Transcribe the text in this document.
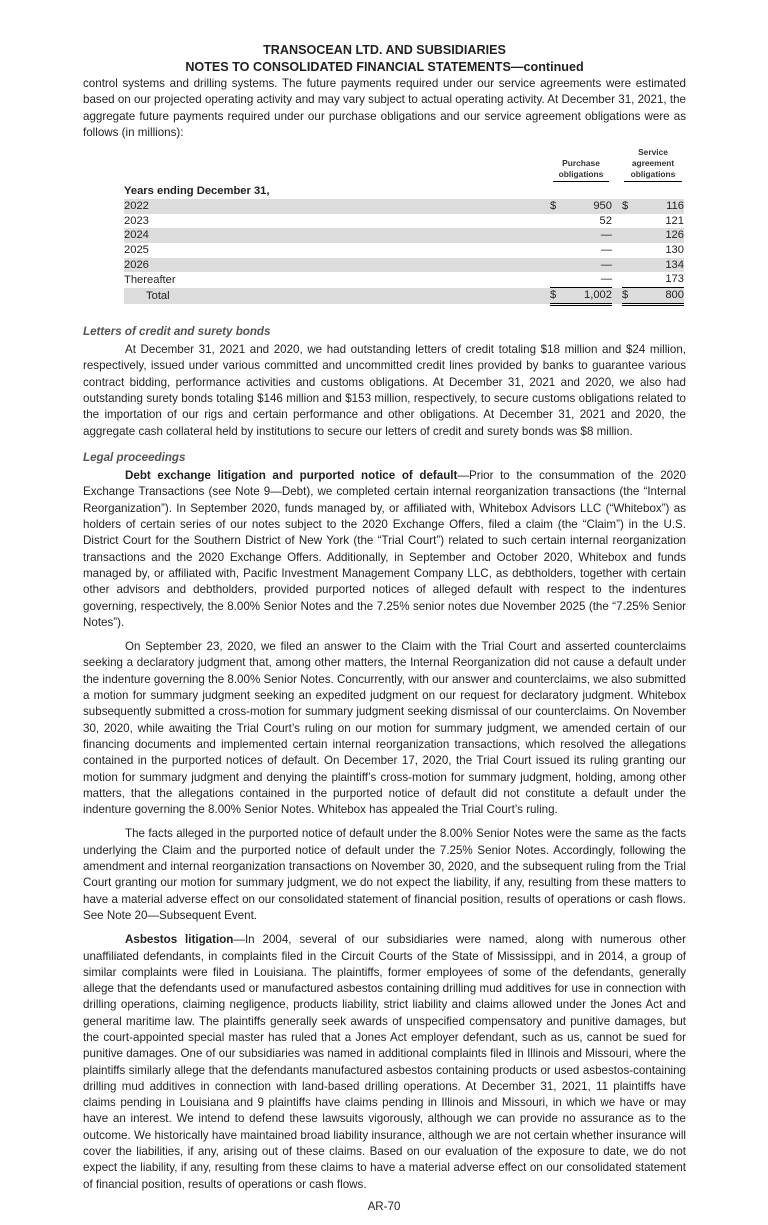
TRANSOCEAN LTD. AND SUBSIDIARIES
NOTES TO CONSOLIDATED FINANCIAL STATEMENTS—continued

control systems and drilling systems. The future payments required under our service agreements were estimated based on our projected operating activity and may vary subject to actual operating activity. At December 31, 2021, the aggregate future payments required under our purchase obligations and our service agreement obligations were as follows (in millions):

	Purchase obligations			Service agreement obligations	
Years ending December 31,					
2022	$	950		$	116
2023		52			121
2024		—			126
2025		—			130
2026		—			134
Thereafter		—			173
Total	$	1,002		$	800
Letters of credit and surety bonds

At December 31, 2021 and 2020, we had outstanding letters of credit totaling $18 million and $24 million, respectively, issued under various committed and uncommitted credit lines provided by banks to guarantee various contract bidding, performance activities and customs obligations. At December 31, 2021 and 2020, we also had outstanding surety bonds totaling $146 million and $153 million, respectively, to secure customs obligations related to the importation of our rigs and certain performance and other obligations. At December 31, 2021 and 2020, the aggregate cash collateral held by institutions to secure our letters of credit and surety bonds was $8 million.

Legal proceedings

Debt exchange litigation and purported notice of default—Prior to the consummation of the 2020 Exchange Transactions (see Note 9—Debt), we completed certain internal reorganization transactions (the “Internal Reorganization”). In September 2020, funds managed by, or affiliated with, Whitebox Advisors LLC (“Whitebox”) as holders of certain series of our notes subject to the 2020 Exchange Offers, filed a claim (the “Claim”) in the U.S. District Court for the Southern District of New York (the “Trial Court”) related to such certain internal reorganization transactions and the 2020 Exchange Offers. Additionally, in September and October 2020, Whitebox and funds managed by, or affiliated with, Pacific Investment Management Company LLC, as debtholders, together with certain other advisors and debtholders, provided purported notices of alleged default with respect to the indentures governing, respectively, the 8.00% Senior Notes and the 7.25% senior notes due November 2025 (the “7.25% Senior Notes”).

On September 23, 2020, we filed an answer to the Claim with the Trial Court and asserted counterclaims seeking a declaratory judgment that, among other matters, the Internal Reorganization did not cause a default under the indenture governing the 8.00% Senior Notes. Concurrently, with our answer and counterclaims, we also submitted a motion for summary judgment seeking an expedited judgment on our request for declaratory judgment. Whitebox subsequently submitted a cross-motion for summary judgment seeking dismissal of our counterclaims. On November 30, 2020, while awaiting the Trial Court’s ruling on our motion for summary judgment, we amended certain of our financing documents and implemented certain internal reorganization transactions, which resolved the allegations contained in the purported notices of default. On December 17, 2020, the Trial Court issued its ruling granting our motion for summary judgment and denying the plaintiff’s cross-motion for summary judgment, holding, among other matters, that the allegations contained in the purported notice of default did not constitute a default under the indenture governing the 8.00% Senior Notes. Whitebox has appealed the Trial Court’s ruling.

The facts alleged in the purported notice of default under the 8.00% Senior Notes were the same as the facts underlying the Claim and the purported notice of default under the 7.25% Senior Notes. Accordingly, following the amendment and internal reorganization transactions on November 30, 2020, and the subsequent ruling from the Trial Court granting our motion for summary judgment, we do not expect the liability, if any, resulting from these matters to have a material adverse effect on our consolidated statement of financial position, results of operations or cash flows. See Note 20—Subsequent Event.

Asbestos litigation—In 2004, several of our subsidiaries were named, along with numerous other unaffiliated defendants, in complaints filed in the Circuit Courts of the State of Mississippi, and in 2014, a group of similar complaints were filed in Louisiana. The plaintiffs, former employees of some of the defendants, generally allege that the defendants used or manufactured asbestos containing drilling mud additives for use in connection with drilling operations, claiming negligence, products liability, strict liability and claims allowed under the Jones Act and general maritime law. The plaintiffs generally seek awards of unspecified compensatory and punitive damages, but the court-appointed special master has ruled that a Jones Act employer defendant, such as us, cannot be sued for punitive damages. One of our subsidiaries was named in additional complaints filed in Illinois and Missouri, where the plaintiffs similarly allege that the defendants manufactured asbestos containing products or used asbestos-containing drilling mud additives in connection with land-based drilling operations. At December 31, 2021, 11 plaintiffs have claims pending in Louisiana and 9 plaintiffs have claims pending in Illinois and Missouri, in which we have or may have an interest. We intend to defend these lawsuits vigorously, although we can provide no assurance as to the outcome. We historically have maintained broad liability insurance, although we are not certain whether insurance will cover the liabilities, if any, arising out of these claims. Based on our evaluation of the exposure to date, we do not expect the liability, if any, resulting from these claims to have a material adverse effect on our consolidated statement of financial position, results of operations or cash flows.

AR-70
